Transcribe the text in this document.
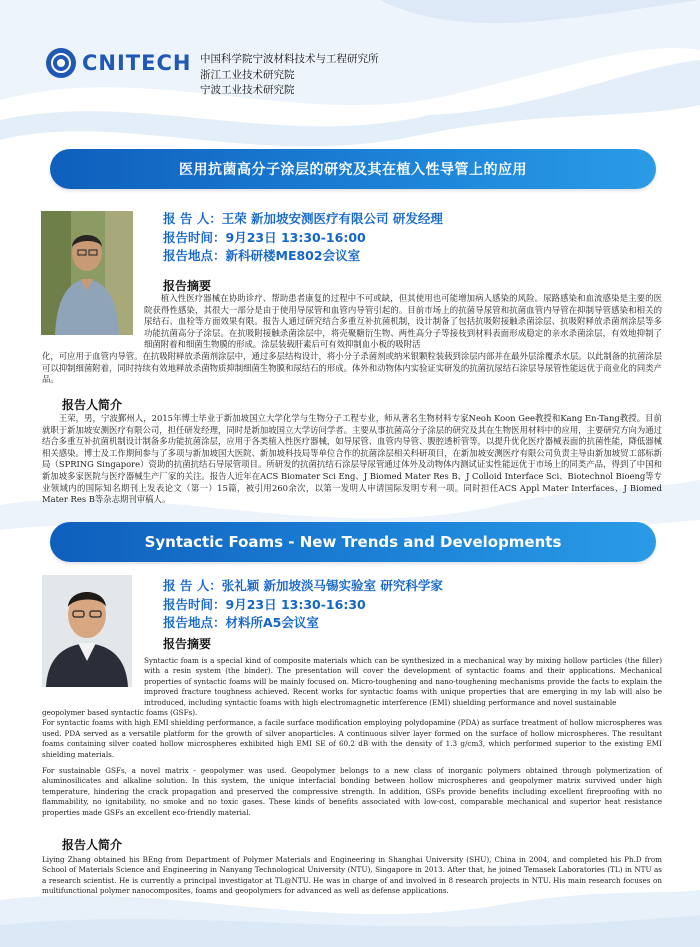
CNITECH 中国科学院宁波材料技术与工程研究所
浙江工业技术研究院
宁波工业技术研究院
医用抗菌高分子涂层的研究及其在植入性导管上的应用
报 告 人：王荣 新加坡安测医疗有限公司 研发经理
报告时间：9月23日 13:30-16:00
报告地点：新科研楼ME802会议室
报告摘要

植入性医疗器械在协助诊疗、帮助患者康复的过程中不可或缺，但其使用也可能增加病人感染的风险。尿路感染和血流感染是主要的医院获得性感染，其很大一部分是由于使用导尿管和血管内导管引起的。目前市场上的抗菌导尿管和抗菌血管内导管在抑制导管感染和相关的尿结石、血栓等方面效果有限。报告人通过研究结合多重互补抗菌机制，设计制备了包括抗吸附接触杀菌涂层、抗吸附释放杀菌剂涂层等多功能抗菌高分子涂层。在抗吸附接触杀菌涂层中，将壳聚糖衍生物、两性高分子等接枝到材料表面形成稳定的亲水杀菌涂层，有效地抑制了细菌附着和细菌生物膜的形成。涂层装载肝素后可有效抑制血小板的吸附活

化，可应用于血管内导管。在抗吸附释放杀菌剂涂层中，通过多层结构设计，将小分子杀菌剂或纳米银颗粒装载到涂层内部并在最外层涂覆杀水层。以此制备的抗菌涂层可以抑制细菌附着，同时持续有效地释放杀菌物质抑制细菌生物膜和尿结石的形成。体外和动物体内实验证实研发的抗菌抗尿结石涂层导尿管性能远优于商业化的同类产品。

报告人简介

王荣，男，宁波鄞州人，2015年博士毕业于新加坡国立大学化学与生物分子工程专业，师从著名生物材料专家Neoh Koon Gee教授和Kang En-Tang教授。目前就职于新加坡安测医疗有限公司，担任研发经理，同时是新加坡国立大学访问学者。主要从事抗菌高分子涂层的研究及其在生物医用材料中的应用，主要研究方向为通过结合多重互补抗菌机制设计制备多功能抗菌涂层，应用于各类植入性医疗器械，如导尿管、血管内导管、腹腔透析管等，以提升优化医疗器械表面的抗菌性能，降低器械相关感染。博士及工作期间参与了多项与新加坡国大医院、新加坡科技局等单位合作的抗菌涂层相关科研项目，在新加坡安测医疗有限公司负责主导由新加坡贸工部标新局（SPRING Singapore）资助的抗菌抗结石导尿管项目。所研发的抗菌抗结石涂层导尿管通过体外及动物体内测试证实性能远优于市场上的同类产品，得到了中国和新加坡多家医院与医疗器械生产厂家的关注。报告人近年在ACS Biomater Sci Eng、J Biomed Mater Res B、J Colloid Interface Sci、Biotechnol Bioeng等专业领域内的国际知名期刊上发表论文（第一）15篇，被引用260余次，以第一发明人申请国际发明专利一项。同时担任ACS Appl Mater Interfaces、J Biomed Mater Res B等杂志期刊审稿人。

Syntactic Foams - New Trends and Developments
报 告 人：张礼颖 新加坡淡马锡实验室 研究科学家
报告时间：9月23日 13:30-16:30
报告地点：材料所A5会议室
报告摘要

Syntactic foam is a special kind of composite materials which can be synthesized in a mechanical way by mixing hollow particles (the filler) with a resin system (the binder). The presentation will cover the development of syntactic foams and their applications. Mechanical properties of syntactic foams will be mainly focused on. Micro-toughening and nano-toughening mechanisms provide the facts to explain the improved fracture toughness achieved. Recent works for syntactic foams with unique properties that are emerging in my lab will also be introduced, including syntactic foams with high electromagnetic interference (EMI) shielding performance and novel sustainable

geopolymer based syntactic foams (GSFs).

For syntactic foams with high EMI shielding performance, a facile surface modification employing polydopamine (PDA) as surface treatment of hollow microspheres was used. PDA served as a versatile platform for the growth of silver anoparticles. A continuous silver layer formed on the surface of hollow microspheres. The resultant foams containing silver coated hollow microspheres exhibited high EMI SE of 60.2 dB with the density of 1.3 g/cm3, which performed superior to the existing EMI shielding materials.

For sustainable GSFs, a novel matrix - geopolymer was used. Geopolymer belongs to a new class of inorganic polymers obtained through polymerization of aluminosilicates and alkaline solution. In this system, the unique interfacial bonding between hollow microspheres and geopolymer matrix survived under high temperature, hindering the crack propagation and preserved the compressive strength. In addition, GSFs provide benefits including excellent fireproofing with no flammability, no ignitability, no smoke and no toxic gases. These kinds of benefits associated with low-cost, comparable mechanical and superior heat resistance properties made GSFs an excellent eco-friendly material.

报告人简介

Liying Zhang obtained his BEng from Department of Polymer Materials and Engineering in Shanghai University (SHU), China in 2004, and completed his Ph.D from School of Materials Science and Engineering in Nanyang Technological University (NTU), Singapore in 2013. After that, he joined Temasek Laboratories (TL) in NTU as a research scientist. He is currently a principal investigator at TL@NTU. He was in charge of and involved in 8 research projects in NTU. His main research focuses on multifunctional polymer nanocomposites, foams and geopolymers for advanced as well as defense applications.
